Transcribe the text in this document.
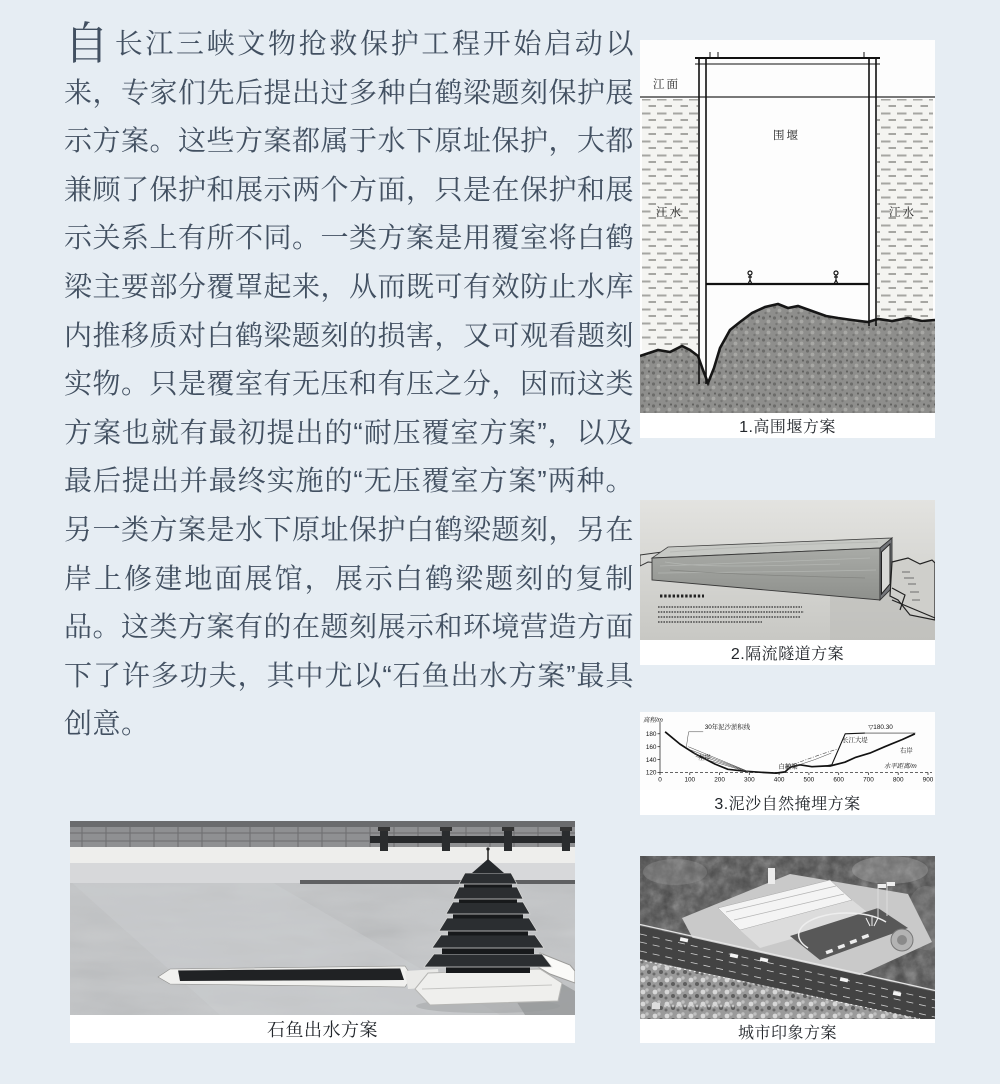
自长江三峡文物抢救保护工程开始启动以来，专家们先后提出过多种白鹤梁题刻保护展示方案。这些方案都属于水下原址保护，大都兼顾了保护和展示两个方面，只是在保护和展示关系上有所不同。一类方案是用覆室将白鹤梁主要部分覆罩起来，从而既可有效防止水库内推移质对白鹤梁题刻的损害，又可观看题刻实物。只是覆室有无压和有压之分，因而这类方案也就有最初提出的“耐压覆室方案”，以及最后提出并最终实施的“无压覆室方案”两种。另一类方案是水下原址保护白鹤梁题刻，另在岸上修建地面展馆，展示白鹤梁题刻的复制品。这类方案有的在题刻展示和环境营造方面下了许多功夫，其中尤以“石鱼出水方案”最具创意。

江面
围堰
江水	江水
1.高围堰方案
2.隔流隧道方案
0	100	200	300	400	500	600	700	800	900
120
140
160
180
高程/m
水平距离/m
30年泥沙淤积线
左岸
白鹤梁
长江大堤
右岸
▽180.30
3.泥沙自然掩埋方案
城市印象方案
石鱼出水方案
